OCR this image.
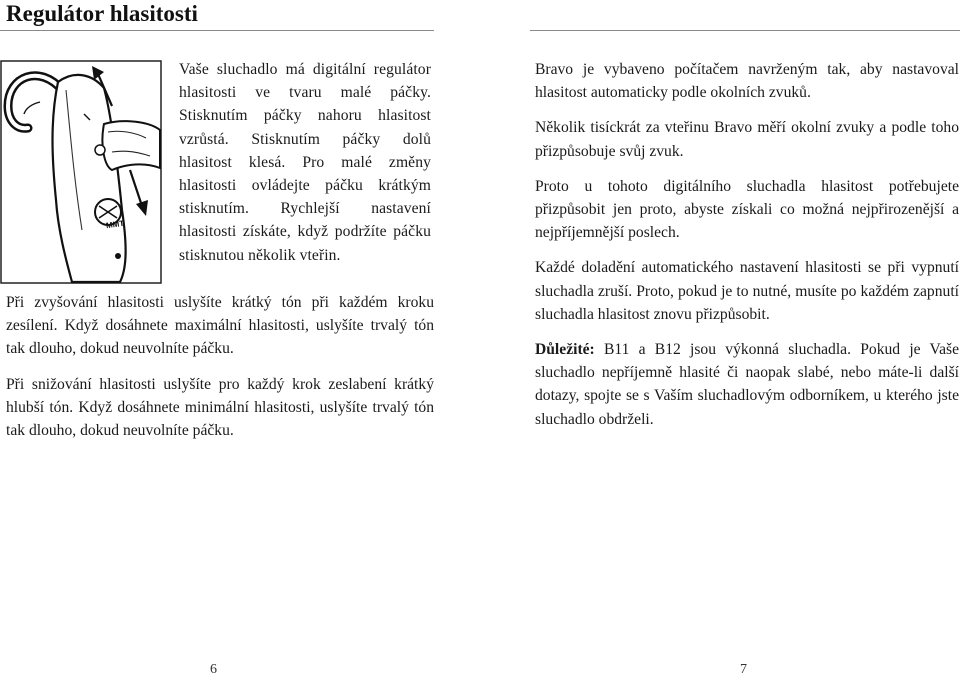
Regulátor hlasitosti
MMT

Vaše sluchadlo má digitální regulátor hlasitosti ve tvaru malé páčky. Stisknutím páčky nahoru hlasitost vzrůstá. Stisknutím páčky dolů hlasitost klesá. Pro malé změny hlasitosti ovládejte páčku krátkým stisknutím. Rychlejší nastavení hlasitosti získáte, když podržíte páčku stisknutou několik vteřin.

Při zvyšování hlasitosti uslyšíte krátký tón při každém kroku zesílení. Když dosáhnete maximální hlasitosti, uslyšíte trvalý tón tak dlouho, dokud neuvolníte páčku.

Při snižování hlasitosti uslyšíte pro každý krok zeslabení krátký hlubší tón. Když dosáhnete minimální hlasitosti, uslyšíte trvalý tón tak dlouho, dokud neuvolníte páčku.

Bravo je vybaveno počítačem navrženým tak, aby nastavoval hlasitost automaticky podle okolních zvuků.

Několik tisíckrát za vteřinu Bravo měří okolní zvuky a podle toho přizpůsobuje svůj zvuk.

Proto u tohoto digitálního sluchadla hlasitost potřebujete přizpůsobit jen proto, abyste získali co možná nejpřirozenější a nejpříjemnější poslech.

Každé doladění automatického nastavení hlasitosti se při vypnutí sluchadla zruší. Proto, pokud je to nutné, musíte po každém zapnutí sluchadla hlasitost znovu přizpůsobit.

Důležité: B11 a B12 jsou výkonná sluchadla. Pokud je Vaše sluchadlo nepříjemně hlasité či naopak slabé, nebo máte-li další dotazy, spojte se s Vaším sluchadlovým odborníkem, u kterého jste sluchadlo obdrželi.

6	7
